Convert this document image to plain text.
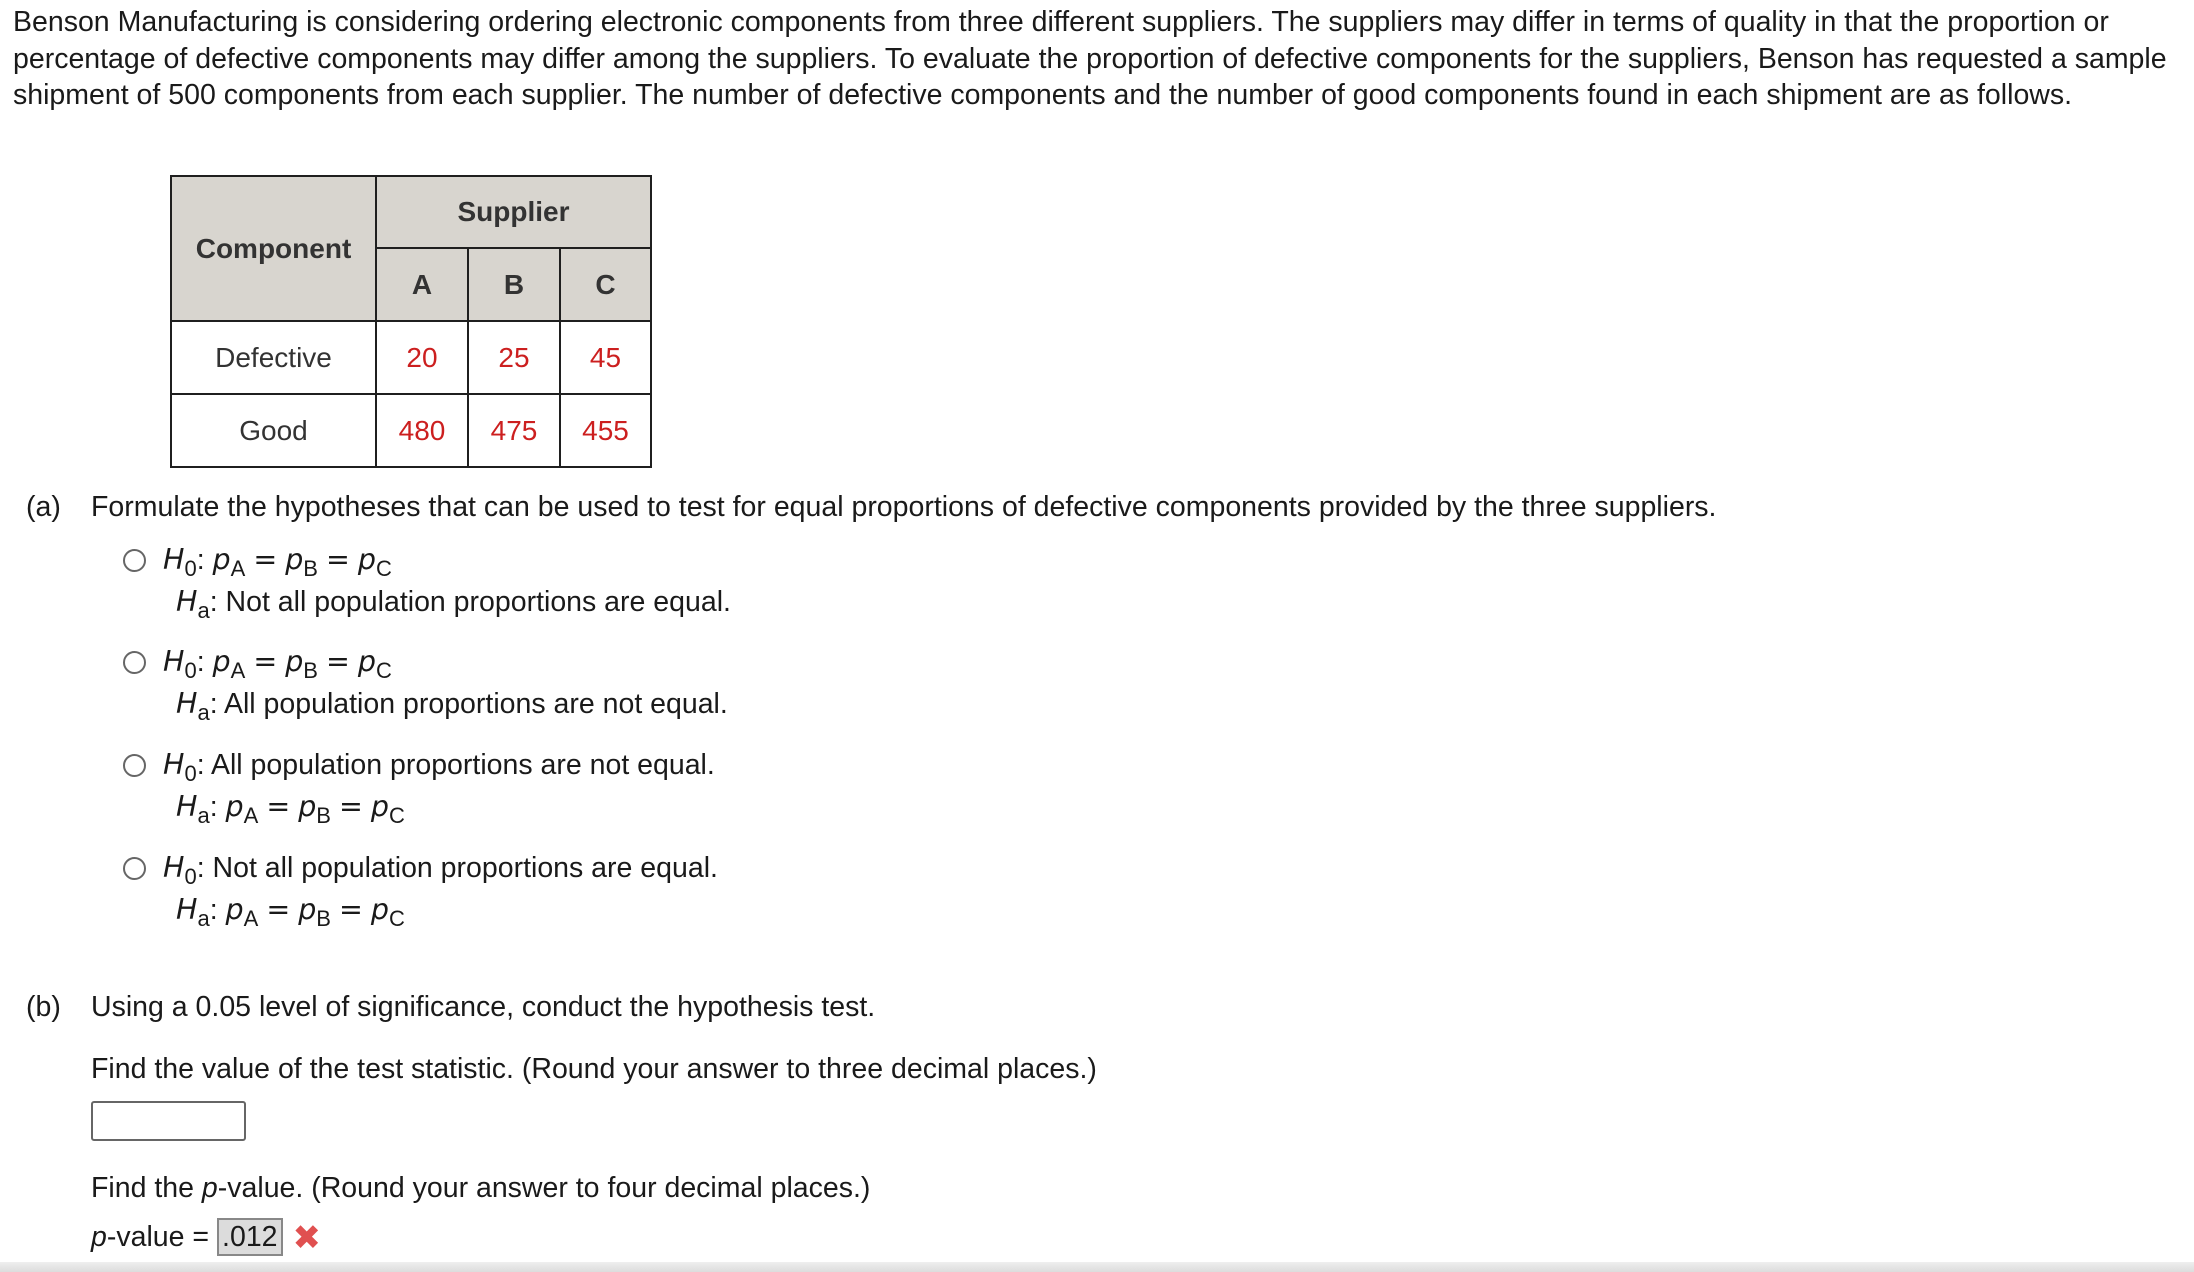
Benson Manufacturing is considering ordering electronic components from three different suppliers. The suppliers may differ in terms of quality in that the proportion or percentage of defective components may differ among the suppliers. To evaluate the proportion of defective components for the suppliers, Benson has requested a sample shipment of 500 components from each supplier. The number of defective components and the number of good components found in each shipment are as follows.

Component	Supplier		
	A	B	C
Defective	20	25	45
Good	480	475	455
(a) Formulate the hypotheses that can be used to test for equal proportions of defective components provided by the three suppliers.
$H_0$: $p_A = p_B = p_C$
$H_a$: Not all population proportions are equal.
$H_0$: $p_A = p_B = p_C$
$H_a$: All population proportions are not equal.
$H_0$: All population proportions are not equal.
$H_a$: $p_A = p_B = p_C$
$H_0$: Not all population proportions are equal.
$H_a$: $p_A = p_B = p_C$
(b) Using a 0.05 level of significance, conduct the hypothesis test.
Find the value of the test statistic. (Round your answer to three decimal places.)
Find the p-value. (Round your answer to four decimal places.)
p-value = .012 ✖
